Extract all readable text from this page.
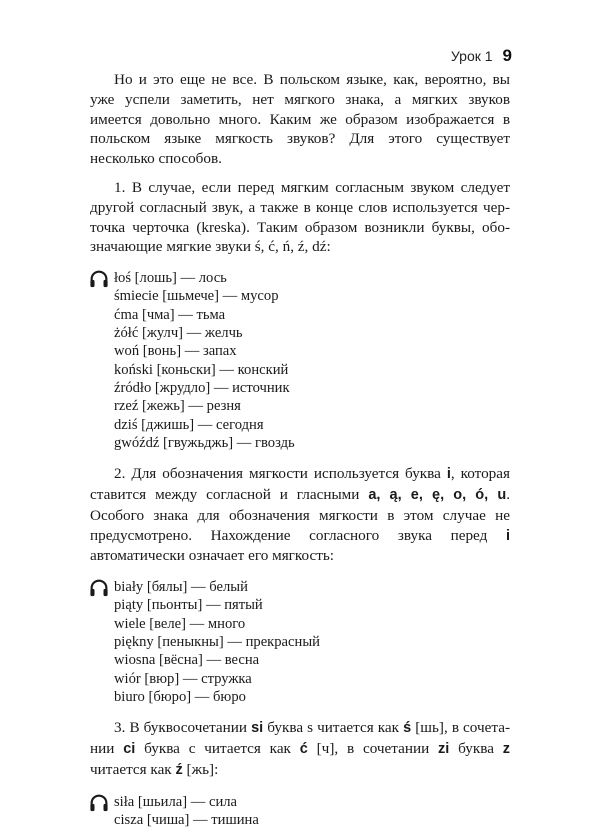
Урок 1 9

Но и это еще не все. В польском языке, как, вероятно, вы уже успели заметить, нет мягкого знака, а мягких звуков имеется довольно много. Каким же образом изображается в польском языке мягкость звуков? Для этого существует несколько способов.

1. В случае, если перед мягким согласным звуком следует другой согласный звук, а также в конце слов используется черточка черточка (kreska). Таким образом возникли буквы, обозначающие мягкие звуки ś, ć, ń, ź, dź:

łoś [лошь] — лось
śmiecie [шьмече] — мусор
ćma [чма] — тьма
żółć [жулч] — желчь
woń [вонь] — запах
koński [коньски] — конский
źródło [жрудло] — источник
rzeź [жежь] — резня
dziś [джишь] — сегодня
gwóźdź [гвужьджь] — гвоздь

2. Для обозначения мягкости используется буква i, которая ставится между согласной и гласными a, ą, e, ę, o, ó, u. Особого знака для обозначения мягкости в этом случае не предусмотрено. Нахождение согласного звука перед i автоматически означает его мягкость:

biały [бялы] — белый
piąty [пьонты] — пятый
wiele [веле] — много
piękny [пеныкны] — прекрасный
wiosna [вёсна] — весна
wiór [вюр] — стружка
biuro [бюро] — бюро

3. В буквосочетании si буква s читается как ś [шь], в сочетании ci буква c читается как ć [ч], в сочетании zi буква z читается как ź [жь]:

siła [шьила] — сила
cisza [чиша] — тишина
